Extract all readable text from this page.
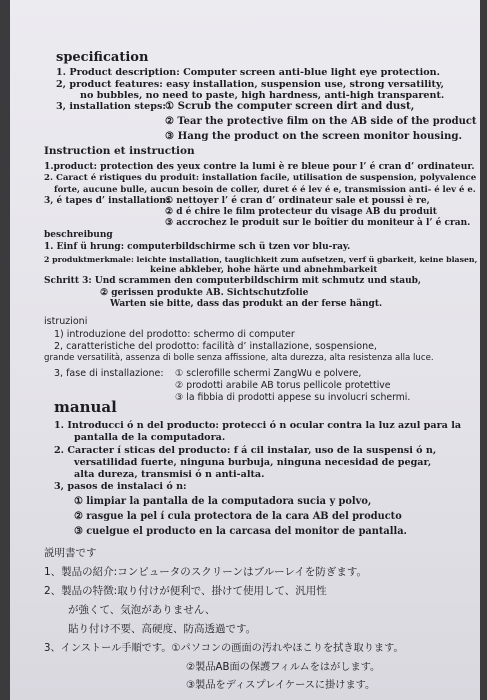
specification
1. Product description: Computer screen anti-blue light eye protection.
2, product features: easy installation, suspension use, strong versatility,
no bubbles, no need to paste, high hardness, anti-high transparent.
3, installation steps: ① Scrub the computer screen dirt and dust,
② Tear the protective film on the AB side of the product
③ Hang the product on the screen monitor housing.
Instruction et instruction
1.product: protection des yeux contre la lumi è re bleue pour l’ é cran d’ ordinateur.
2. Caract é ristiques du produit: installation facile, utilisation de suspension, polyvalence
forte, aucune bulle, aucun besoin de coller, duret é é lev é e, transmission anti- é lev é e.
3, é tapes d’ installation:
① nettoyer l’ é cran d’ ordinateur sale et poussi è re,
② d é chire le film protecteur du visage AB du produit
③ accrochez le produit sur le boîtier du moniteur à l’ é cran.
beschreibung
1. Einf ü hrung: computerbildschirme sch ü tzen vor blu-ray.
2 produktmerkmale: leichte installation, tauglichkeit zum aufsetzen, verf ü gbarkeit, keine blasen,
keine abkleber, hohe härte und abnehmbarkeit
Schritt 3: Und scrammen den computerbildschirm mit schmutz und staub,
② gerissen produkte AB. Sichtschutzfolie
Warten sie bitte, dass das produkt an der ferse hängt.
istruzioni
1) introduzione del prodotto: schermo di computer
2, caratteristiche del prodotto: facilità d’ installazione, sospensione,
grande versatilità, assenza di bolle senza affissione, alta durezza, alta resistenza alla luce.
3, fase di installazione: ① sclerofille schermi ZangWu e polvere,
② prodotti arabile AB torus pellicole protettive
③ la fibbia di prodotti appese su involucri schermi.
manual
1. Introducci ó n del producto: protecci ó n ocular contra la luz azul para la
pantalla de la computadora.
2. Caracter í sticas del producto: f á cil instalar, uso de la suspensi ó n,
versatilidad fuerte, ninguna burbuja, ninguna necesidad de pegar,
alta dureza, transmisi ó n anti-alta.
3, pasos de instalaci ó n:
① limpiar la pantalla de la computadora sucia y polvo,
② rasgue la pel í cula protectora de la cara AB del producto
③ cuelgue el producto en la carcasa del monitor de pantalla.
説明書です
1、製品の紹介:コンピュータのスクリーンはブルーレイを防ぎます。
2、製品の特徴:取り付けが便利で、掛けて使用して、汎用性
が強くて、気泡がありません、
貼り付け不要、高硬度、防高透過です。
3、インストール手順です。①パソコンの画面の汚れやほこりを拭き取ります。
②製品AB面の保護フィルムをはがします。
③製品をディスプレイケースに掛けます。
